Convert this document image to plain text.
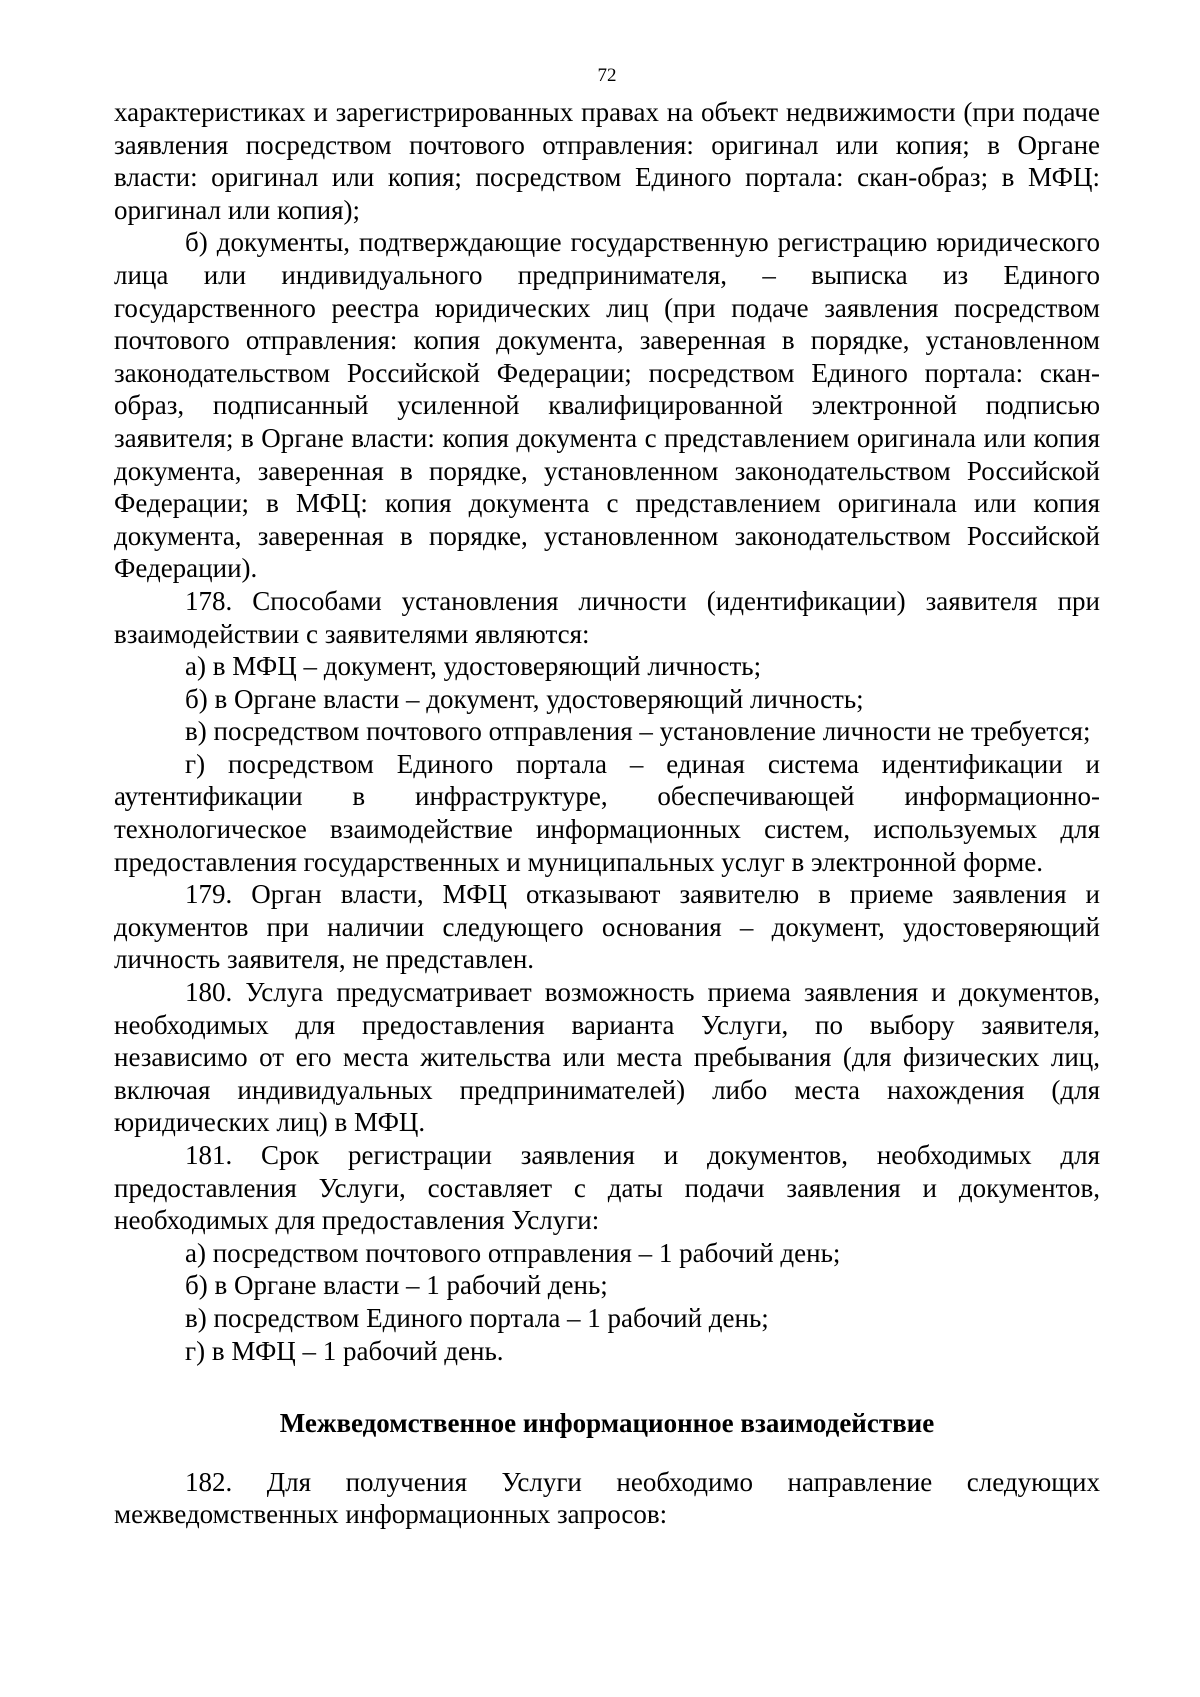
72

характеристиках и зарегистрированных правах на объект недвижимости (при подаче заявления посредством почтового отправления: оригинал или копия; в Органе власти: оригинал или копия; посредством Единого портала: скан-образ; в МФЦ: оригинал или копия);

б) документы, подтверждающие государственную регистрацию юридического лица или индивидуального предпринимателя, – выписка из Единого государственного реестра юридических лиц (при подаче заявления посредством почтового отправления: копия документа, заверенная в порядке, установленном законодательством Российской Федерации; посредством Единого портала: скан-образ, подписанный усиленной квалифицированной электронной подписью заявителя; в Органе власти: копия документа с представлением оригинала или копия документа, заверенная в порядке, установленном законодательством Российской Федерации; в МФЦ: копия документа с представлением оригинала или копия документа, заверенная в порядке, установленном законодательством Российской Федерации).

178. Способами установления личности (идентификации) заявителя при взаимодействии с заявителями являются:

а) в МФЦ – документ, удостоверяющий личность;

б) в Органе власти – документ, удостоверяющий личность;

в) посредством почтового отправления – установление личности не требуется;

г) посредством Единого портала – единая система идентификации и аутентификации в инфраструктуре, обеспечивающей информационно-технологическое взаимодействие информационных систем, используемых для предоставления государственных и муниципальных услуг в электронной форме.

179. Орган власти, МФЦ отказывают заявителю в приеме заявления и документов при наличии следующего основания – документ, удостоверяющий личность заявителя, не представлен.

180. Услуга предусматривает возможность приема заявления и документов, необходимых для предоставления варианта Услуги, по выбору заявителя, независимо от его места жительства или места пребывания (для физических лиц, включая индивидуальных предпринимателей) либо места нахождения (для юридических лиц) в МФЦ.

181. Срок регистрации заявления и документов, необходимых для предоставления Услуги, составляет с даты подачи заявления и документов, необходимых для предоставления Услуги:

а) посредством почтового отправления – 1 рабочий день;

б) в Органе власти – 1 рабочий день;

в) посредством Единого портала – 1 рабочий день;

г) в МФЦ – 1 рабочий день.

Межведомственное информационное взаимодействие

182. Для получения Услуги необходимо направление следующих межведомственных информационных запросов:
